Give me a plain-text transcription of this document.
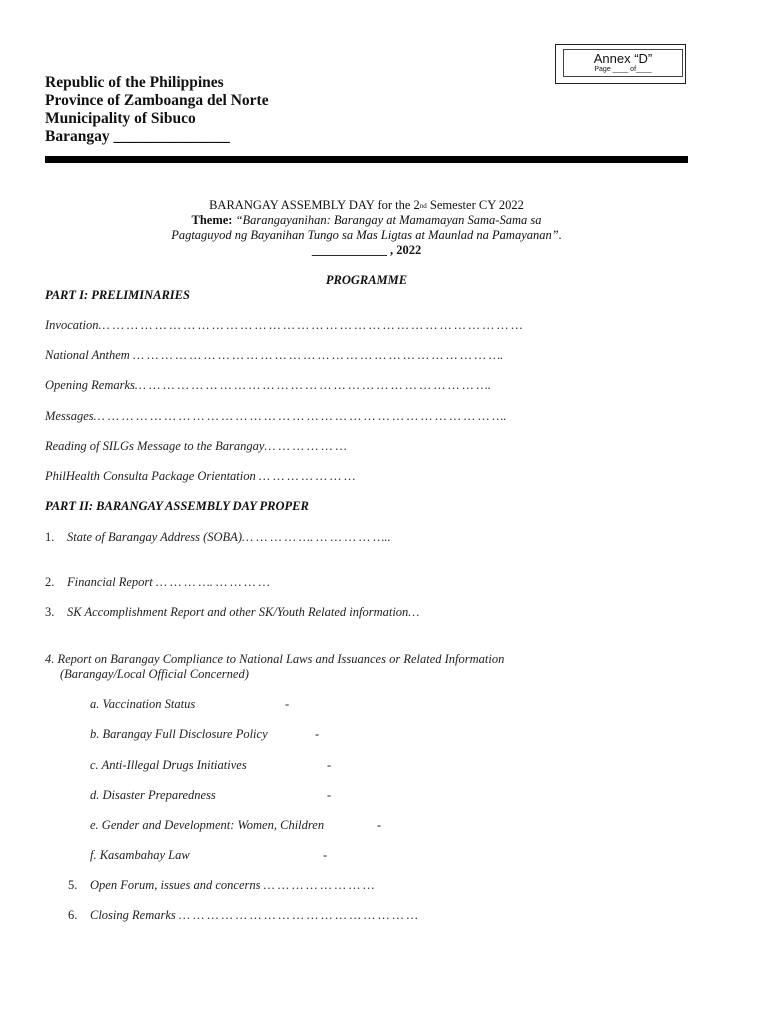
Annex “D”
Page ____ of____
Republic of the Philippines
Province of Zamboanga del Norte
Municipality of Sibuco
Barangay _______________
BARANGAY ASSEMBLY DAY for the $2_{nd}$ Semester CY 2022
Theme: “Barangayanihan: Barangay at Mamamayan Sama-Sama sa
Pagtaguyod ng Bayanihan Tungo sa Mas Ligtas at Maunlad na Pamayanan”.
____________ , 2022
PROGRAMME
PART I: PRELIMINARIES
Invocation… … … … … … … … … … … … … … … … … … … … … … … … … … … … … …
National Anthem … … … … … … … … … … … … … … … … … … … … … … … … … ….
Opening Remarks… … … … … … … … … … … … … … … … … … … … … … … … ….
Messages… … … … … … … … … … … … … … … … … … … … … … … … … … … … ….
Reading of SILGs Message to the Barangay… … … … … …
PhilHealth Consulta Package Orientation … … … … … … …
PART II: BARANGAY ASSEMBLY DAY PROPER
1. State of Barangay Address (SOBA)… … … … …. … … … … …..
2. Financial Report … … … …. … … … …
3. SK Accomplishment Report and other SK/Youth Related information…
4. Report on Barangay Compliance to National Laws and Issuances or Related Information
(Barangay/Local Official Concerned)
a. Vaccination Status	-
b. Barangay Full Disclosure Policy	-
c. Anti-Illegal Drugs Initiatives	-
d. Disaster Preparedness	-
e. Gender and Development: Women, Children	-
f. Kasambahay Law	-
5. Open Forum, issues and concerns … … … … … … … …
6. Closing Remarks … … … … … … … … … … … … … … … … …
